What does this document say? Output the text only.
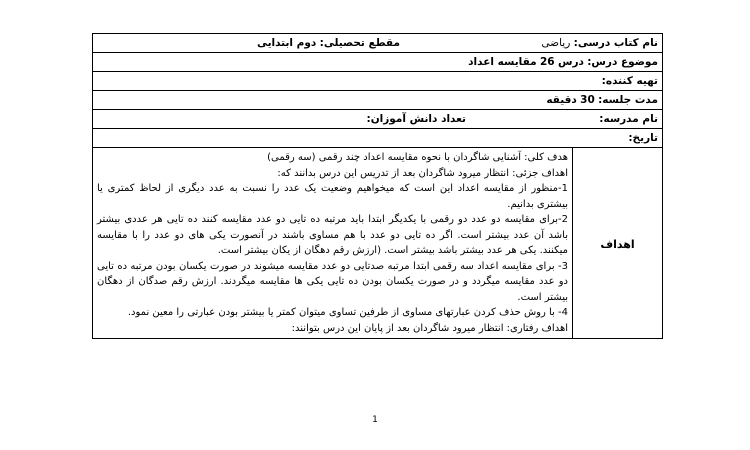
نام کتاب درسی: ریاضی
مقطع تحصیلی: دوم ابتدایی

موضوع درس: درس 26 مقایسه اعداد

تهیه کننده:

مدت جلسه: 30 دقیقه

نام مدرسه:
تعداد دانش آموزان:

تاریخ:

اهداف	

هدف کلی: آشنایی شاگردان با نحوه مقایسه اعداد چند رقمی (سه رقمی)

اهداف جزئی: انتظار میرود شاگردان بعد از تدریس این درس بدانند که:

1-منظور از مقایسه اعداد این است که میخواهیم وضعیت یک عدد را نسبت به عدد دیگری از لحاظ کمتری یا بیشتری بدانیم.

2-برای مقایسه دو عدد دو رقمی با یکدیگر ابتدا باید مرتبه ده تایی دو عدد مقایسه کنند ده تایی هر عددی بیشتر باشد آن عدد بیشتر است. اگر ده تایی دو عدد با هم مساوی باشند در آنصورت یکی های دو عدد را با مقایسه میکنند. یکی هر عدد بیشتر باشد بیشتر است. (ارزش رقم دهگان از یکان بیشتر است.

3- برای مقایسه اعداد سه رقمی ابتدا مرتبه صدتایی دو عدد مقایسه میشوند در صورت یکسان بودن مرتبه ده تایی دو عدد مقایسه میگردد و در صورت یکسان بودن ده تایی یکی ها مقایسه میگردند. ارزش رقم صدگان از دهگان بیشتر است.

4- با روش حذف کردن عبارتهای مساوی از طرفین تساوی میتوان کمتر یا بیشتر بودن عبارتی را معین نمود.

اهداف رفتاری: انتظار میرود شاگردان بعد از پایان این درس بتوانند:

1
